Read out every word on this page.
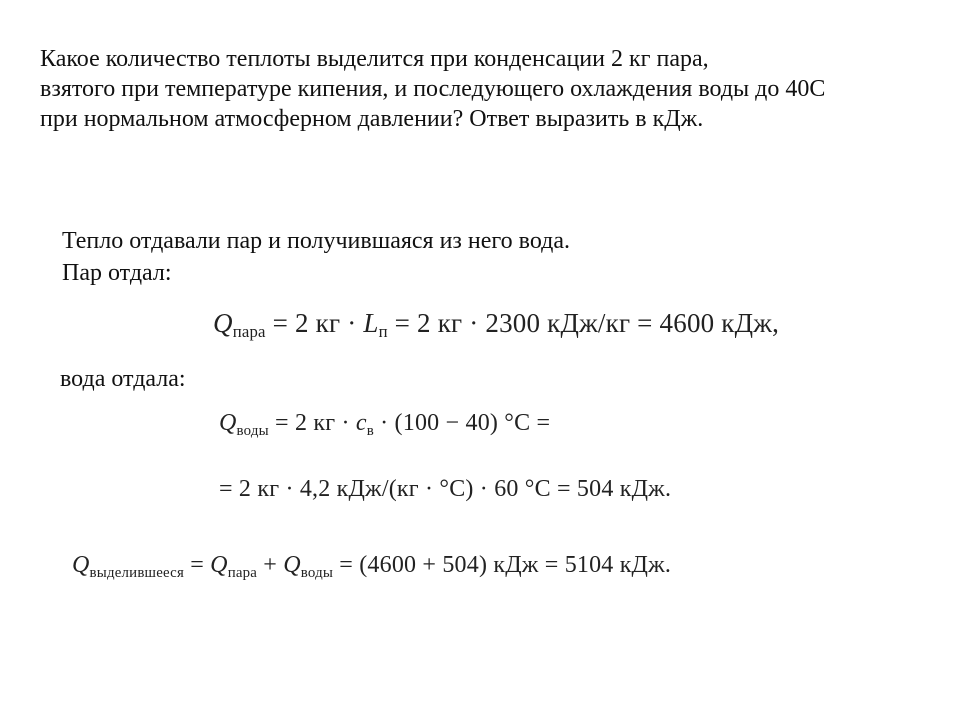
Какое количество теплоты выделится при конденсации 2 кг пара,
взятого при температуре кипения, и последующего охлаждения воды до 40С
при нормальном атмосферном давлении? Ответ выразить в кДж.
Тепло отдавали пар и получившаяся из него вода.
Пар отдал:
$Q_{пара} = 2$ кг · $L_п = 2$ кг · 2300 кДж/кг = 4600 кДж,
вода отдала:
$Q_{воды} = 2$ кг · $c_в \cdot (100 - 40) ^\circ С$ =
= 2 кг · 4,2 кДж/(кг · °С) · 60 °С = 504 кДж.
$Q_{выделившееся} = Q_{пара} + Q_{воды} = (4600 + 504)$ кДж = 5104 кДж.
